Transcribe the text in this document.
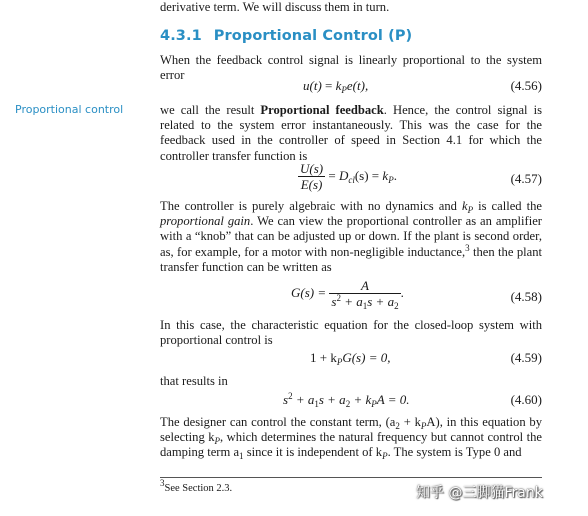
derivative term. We will discuss them in turn.
4.3.1 Proportional Control (P)
Proportional control
When the feedback control signal is linearly proportional to the system error
$u(t) = k_Pe(t)$,	(4.56)
we call the result Proportional feedback. Hence, the control signal is related to the system error instantaneously. This was the case for the feedback used in the controller of speed in Section 4.1 for which the controller transfer function is
$\frac{U(s)}{E(s)} = D_{cl}(s) = k_P$.	(4.57)
The controller is purely algebraic with no dynamics and $k_P$ is called the proportional gain. We can view the proportional controller as an amplifier with a “knob” that can be adjusted up or down. If the plant is second order, as, for example, for a motor with non-negligible inductance,$^3$ then the plant transfer function can be written as
$G(s) = \frac{A}{s^2 + a_1s + a_2}$ .	(4.58)
In this case, the characteristic equation for the closed-loop system with proportional control is
$1 + k_PG(s) = 0$,	(4.59)
that results in
$s^2 + a_1s + a_2 + k_PA = 0$.	(4.60)
The designer can control the constant term, $(a_2 + k_PA)$, in this equation by selecting $k_P$, which determines the natural frequency but cannot control the damping term $a_1$ since it is independent of $k_P$. The system is Type 0 and
$^3$See Section 2.3.	知乎 @三脚猫Frank
